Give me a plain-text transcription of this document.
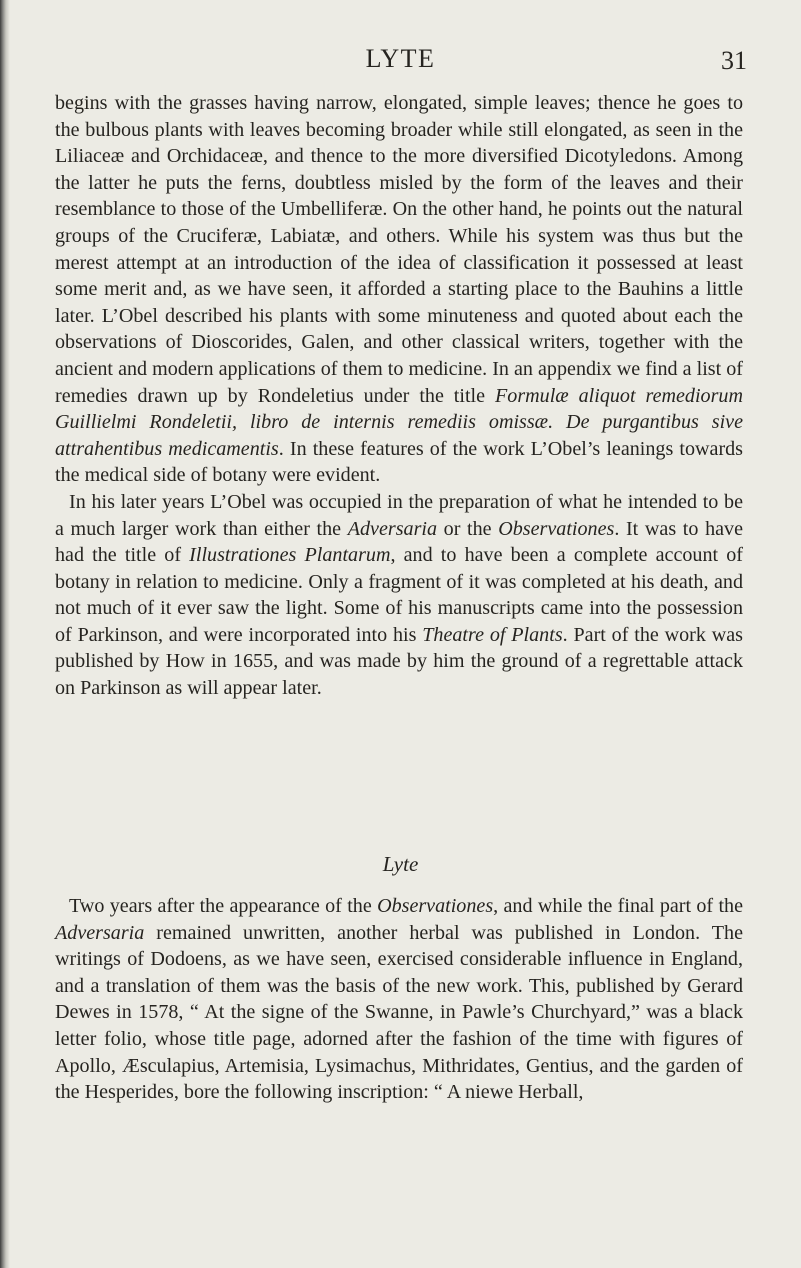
LYTE	31

begins with the grasses having narrow, elongated, simple leaves; thence he goes to the bulbous plants with leaves becoming broader while still elongated, as seen in the Liliaceæ and Orchidaceæ, and thence to the more diversified Dicotyledons. Among the latter he puts the ferns, doubtless misled by the form of the leaves and their resemblance to those of the Umbelliferæ. On the other hand, he points out the natural groups of the Cruciferæ, Labiatæ, and others. While his system was thus but the merest attempt at an introduction of the idea of classification it possessed at least some merit and, as we have seen, it afforded a starting place to the Bauhins a little later. L’Obel described his plants with some minuteness and quoted about each the observations of Dioscorides, Galen, and other classical writers, together with the ancient and modern applications of them to medicine. In an appendix we find a list of remedies drawn up by Rondeletius under the title Formulæ aliquot remediorum Guillielmi Rondeletii, libro de internis remediis omissæ. De purgantibus sive attrahentibus medicamentis. In these features of the work L’Obel’s leanings towards the medical side of botany were evident.

In his later years L’Obel was occupied in the preparation of what he intended to be a much larger work than either the Adversaria or the Observationes. It was to have had the title of Illustrationes Plantarum, and to have been a complete account of botany in relation to medicine. Only a fragment of it was completed at his death, and not much of it ever saw the light. Some of his manuscripts came into the possession of Parkinson, and were incorporated into his Theatre of Plants. Part of the work was published by How in 1655, and was made by him the ground of a regrettable attack on Parkinson as will appear later.

Lyte

Two years after the appearance of the Observationes, and while the final part of the Adversaria remained unwritten, another herbal was published in London. The writings of Dodoens, as we have seen, exercised considerable influence in England, and a translation of them was the basis of the new work. This, published by Gerard Dewes in 1578, “ At the signe of the Swanne, in Pawle’s Churchyard,” was a black letter folio, whose title page, adorned after the fashion of the time with figures of Apollo, Æsculapius, Artemisia, Lysimachus, Mithridates, Gentius, and the garden of the Hesperides, bore the following inscription: “ A niewe Herball,
